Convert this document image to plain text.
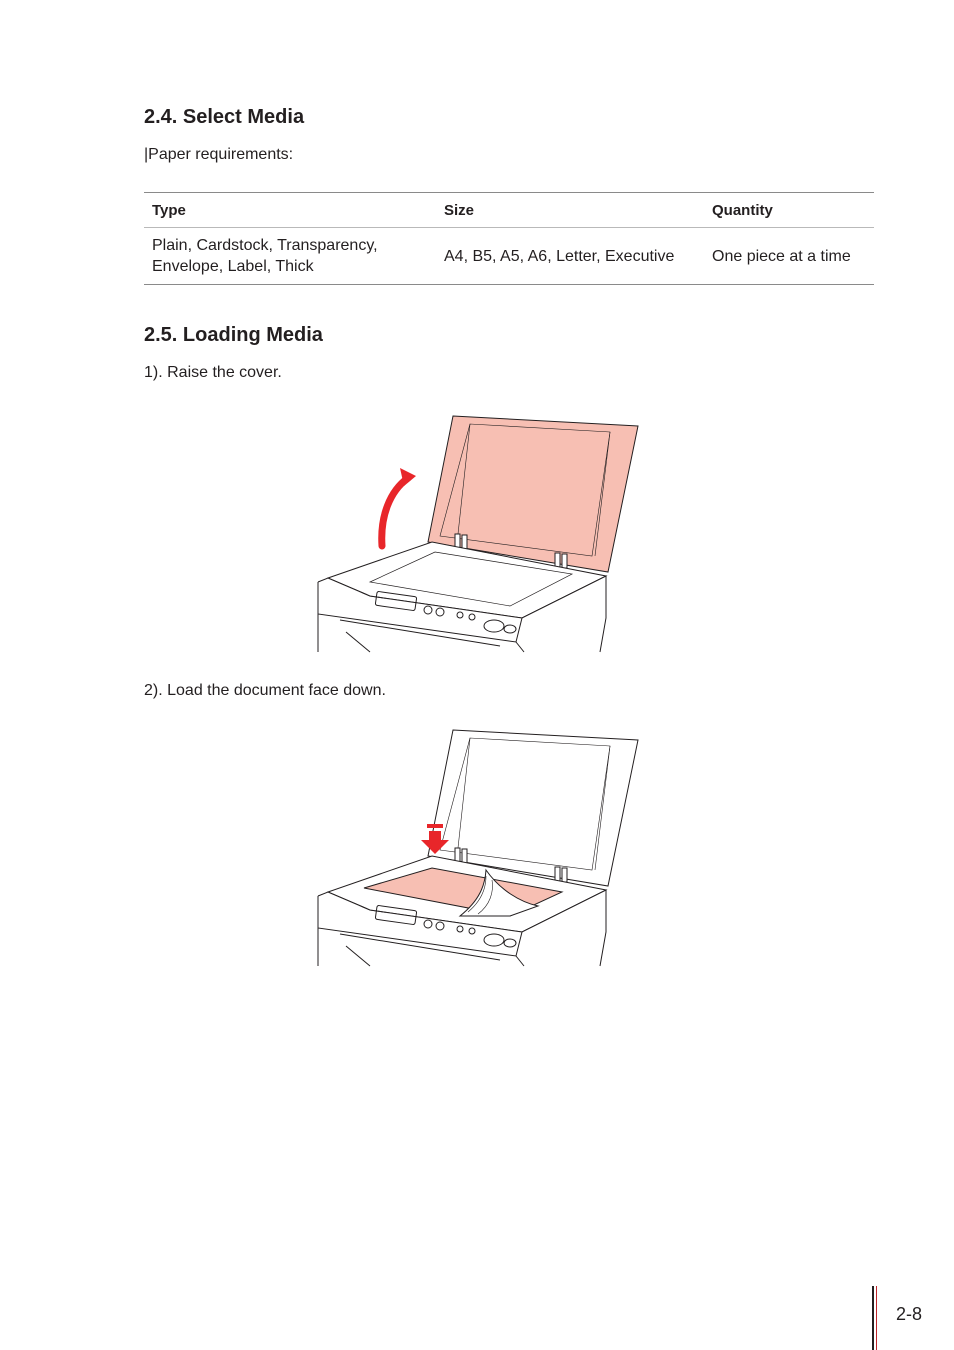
2.4. Select Media

|Paper requirements:

Type	Size	Quantity
Plain, Cardstock, Transparency,
Envelope, Label, Thick	A4, B5, A5, A6, Letter, Executive	One piece at a time
2.5. Loading Media

1). Raise the cover.

2). Load the document face down.

2-8
